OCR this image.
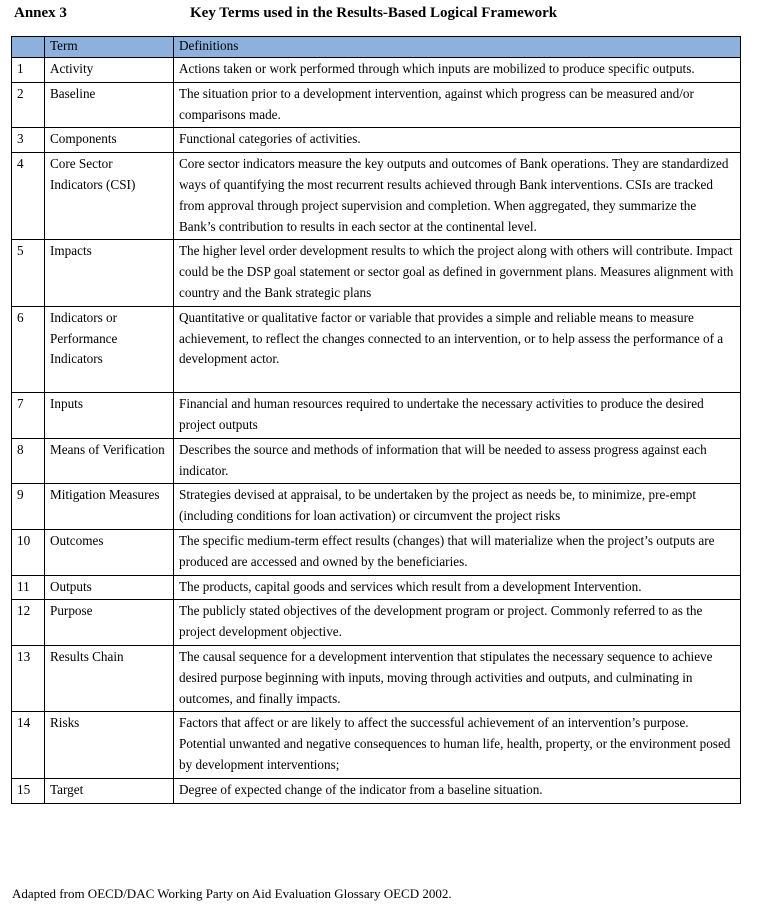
Annex 3	Key Terms used in the Results-Based Logical Framework
	Term	Definitions
1	Activity	Actions taken or work performed through which inputs are mobilized to produce specific outputs.
2	Baseline	The situation prior to a development intervention, against which progress can be measured and/or comparisons made.
3	Components	Functional categories of activities.
4	Core Sector Indicators (CSI)	Core sector indicators measure the key outputs and outcomes of Bank operations. They are standardized ways of quantifying the most recurrent results achieved through Bank interventions. CSIs are tracked from approval through project supervision and completion. When aggregated, they summarize the Bank’s contribution to results in each sector at the continental level.
5	Impacts	The higher level order development results to which the project along with others will contribute. Impact could be the DSP goal statement or sector goal as defined in government plans. Measures alignment with country and the Bank strategic plans
6	Indicators or Performance Indicators	Quantitative or qualitative factor or variable that provides a simple and reliable means to measure achievement, to reflect the changes connected to an intervention, or to help assess the performance of a development actor.
7	Inputs	Financial and human resources required to undertake the necessary activities to produce the desired project outputs
8	Means of Verification	Describes the source and methods of information that will be needed to assess progress against each indicator.
9	Mitigation Measures	Strategies devised at appraisal, to be undertaken by the project as needs be, to minimize, pre-empt (including conditions for loan activation) or circumvent the project risks
10	Outcomes	The specific medium-term effect results (changes) that will materialize when the project’s outputs are produced are accessed and owned by the beneficiaries.
11	Outputs	The products, capital goods and services which result from a development Intervention.
12	Purpose	The publicly stated objectives of the development program or project. Commonly referred to as the project development objective.
13	Results Chain	The causal sequence for a development intervention that stipulates the necessary sequence to achieve desired purpose beginning with inputs, moving through activities and outputs, and culminating in outcomes, and finally impacts.
14	Risks	Factors that affect or are likely to affect the successful achievement of an intervention’s purpose. Potential unwanted and negative consequences to human life, health, property, or the environment posed by development interventions;
15	Target	Degree of expected change of the indicator from a baseline situation.
Adapted from OECD/DAC Working Party on Aid Evaluation Glossary OECD 2002.
